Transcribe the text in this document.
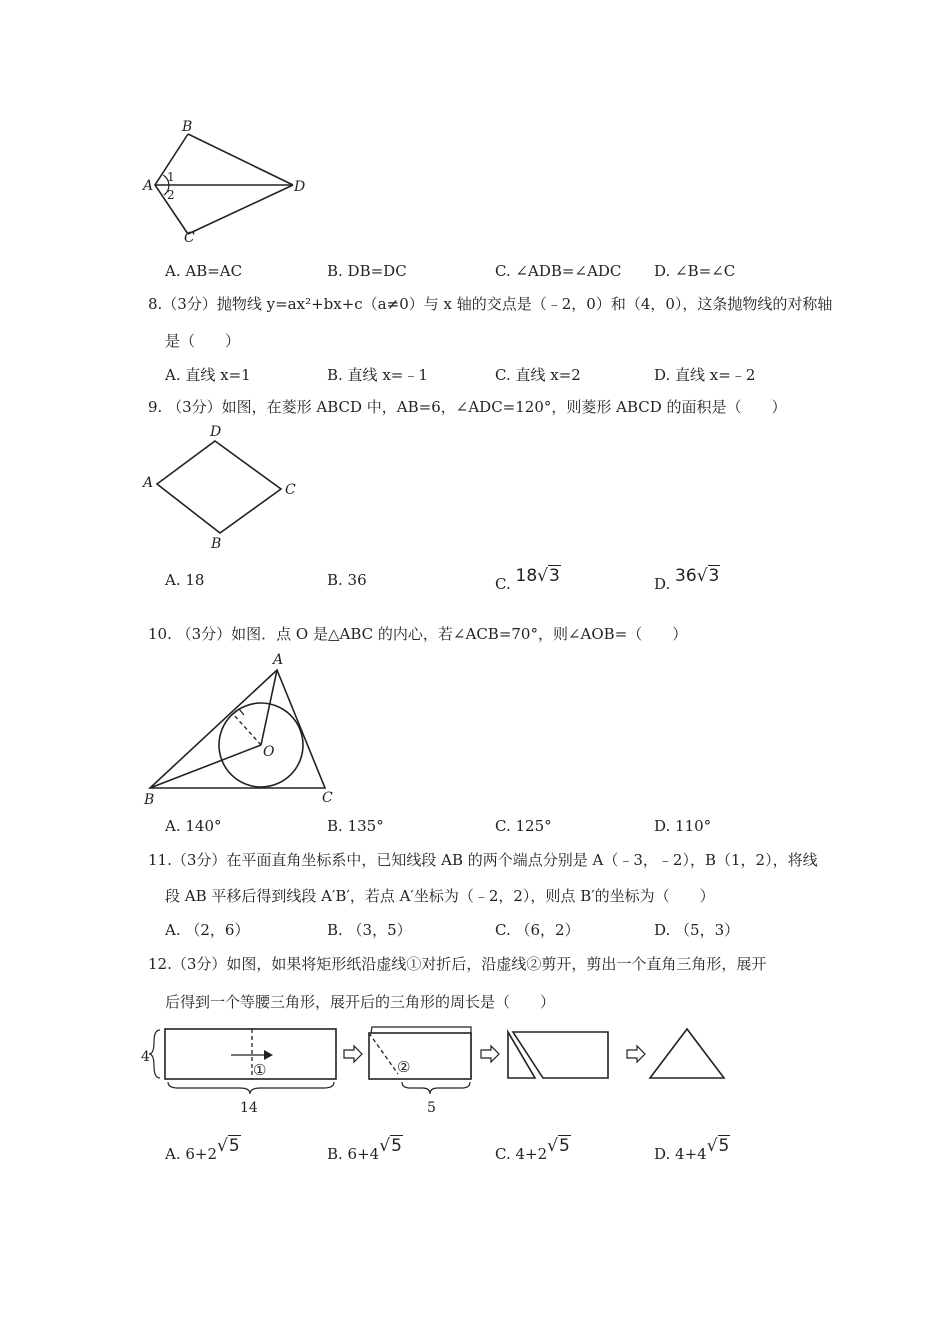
B
A	D
C
1
2
A. AB=AC	B. DB=DC	C. ∠ADB=∠ADC D. ∠B=∠C
8.（3分）抛物线 y=ax²+bx+c（a≠0）与 x 轴的交点是（﹣2，0）和（4，0），这条抛物线的对称轴
是（　　）
A. 直线 x=1	B. 直线 x=﹣1	C. 直线 x=2	D. 直线 x=﹣2
9. （3分）如图，在菱形 ABCD 中，AB=6，∠ADC=120°，则菱形 ABCD 的面积是（　　）
D
A	C
B
A. 18	B. 36	C. 18√3	D. 36√3
10. （3分）如图．点 O 是△ABC 的内心，若∠ACB=70°，则∠AOB=（　　）
A
O
B	C
A. 140°	B. 135°	C. 125°	D. 110°
11.（3分）在平面直角坐标系中，已知线段 AB 的两个端点分别是 A（﹣3，﹣2），B（1，2），将线
段 AB 平移后得到线段 A′B′，若点 A′坐标为（﹣2，2），则点 B′的坐标为（　　）
A. （2，6）	B. （3，5）	C. （6，2）	D. （5，3）
12.（3分）如图，如果将矩形纸沿虚线①对折后，沿虚线②剪开，剪出一个直角三角形，展开
后得到一个等腰三角形，展开后的三角形的周长是（　　）
①
4
14
②
5
A. 6+2√5	B. 6+4√5	C. 4+2√5	D. 4+4√5
